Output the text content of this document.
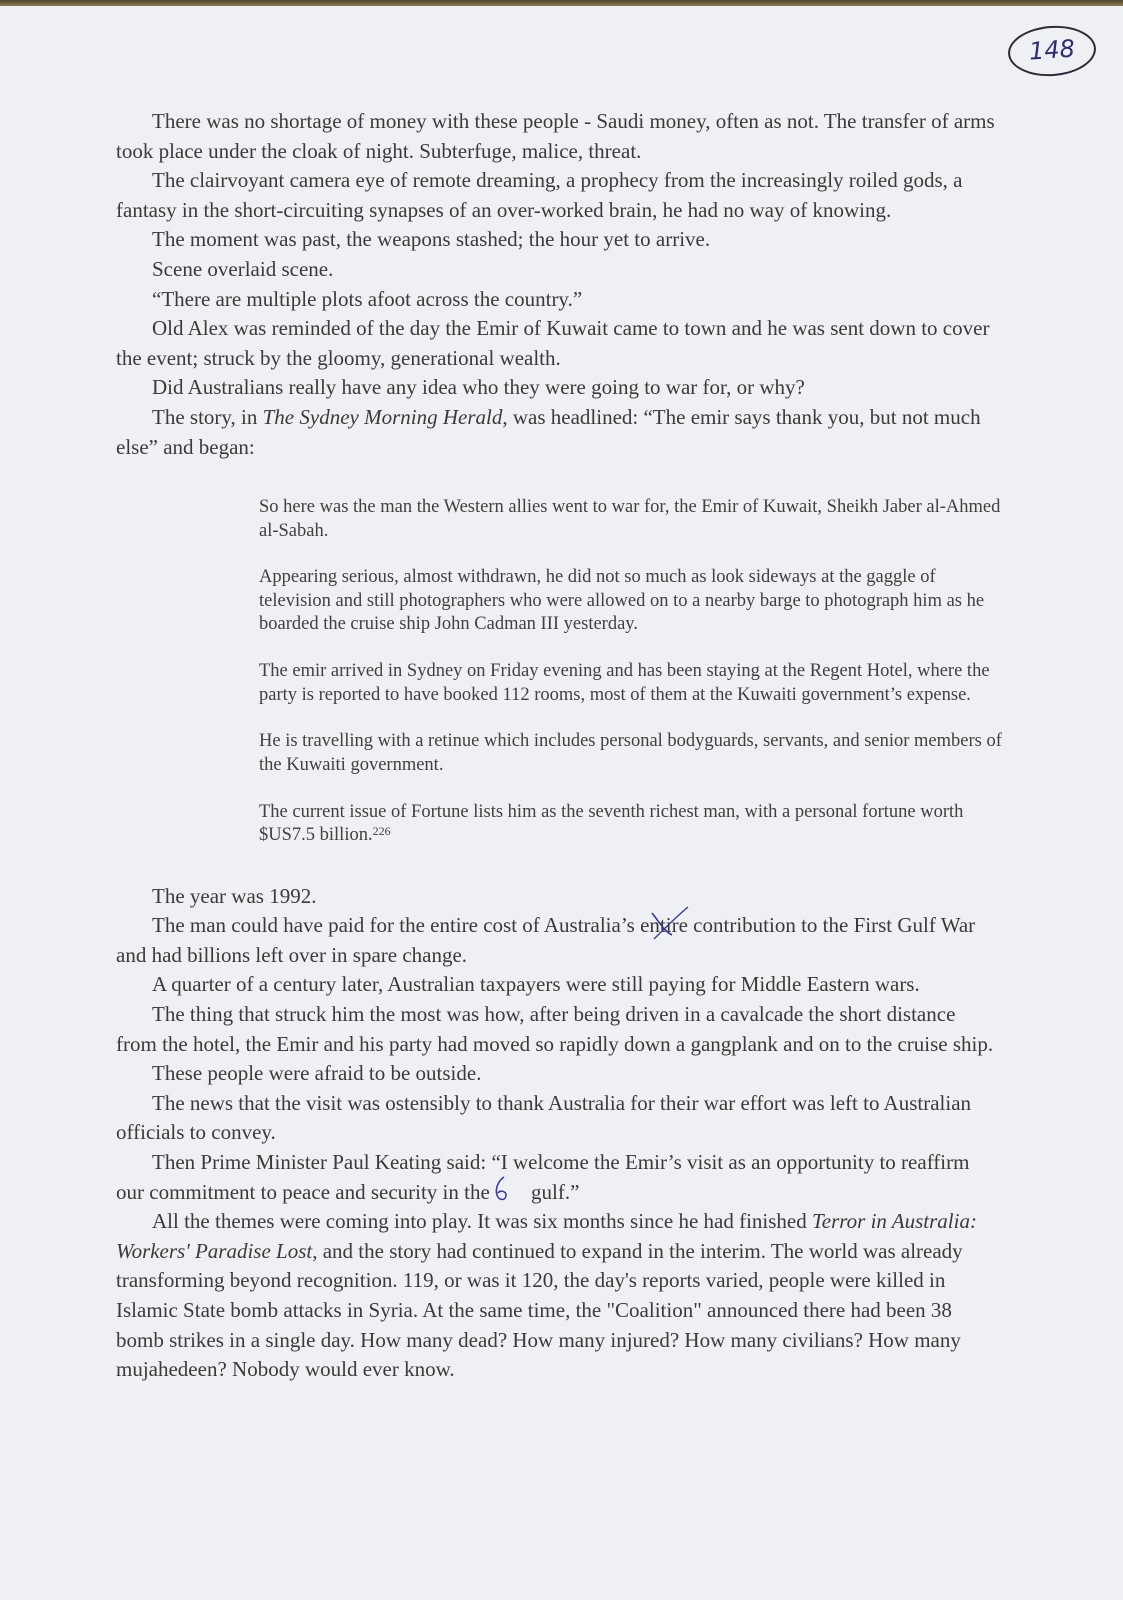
148

There was no shortage of money with these people - Saudi money, often as not. The transfer of arms took place under the cloak of night. Subterfuge, malice, threat.

The clairvoyant camera eye of remote dreaming, a prophecy from the increasingly roiled gods, a fantasy in the short-circuiting synapses of an over-worked brain, he had no way of knowing.

The moment was past, the weapons stashed; the hour yet to arrive.

Scene overlaid scene.

“There are multiple plots afoot across the country.”

Old Alex was reminded of the day the Emir of Kuwait came to town and he was sent down to cover the event; struck by the gloomy, generational wealth.

Did Australians really have any idea who they were going to war for, or why?

The story, in The Sydney Morning Herald, was headlined: “The emir says thank you, but not much else” and began:

So here was the man the Western allies went to war for, the Emir of Kuwait, Sheikh Jaber al-Ahmed al-Sabah.

Appearing serious, almost withdrawn, he did not so much as look sideways at the gaggle of television and still photographers who were allowed on to a nearby barge to photograph him as he boarded the cruise ship John Cadman III yesterday.

The emir arrived in Sydney on Friday evening and has been staying at the Regent Hotel, where the party is reported to have booked 112 rooms, most of them at the Kuwaiti government’s expense.

He is travelling with a retinue which includes personal bodyguards, servants, and senior members of the Kuwaiti government.

The current issue of Fortune lists him as the seventh richest man, with a personal fortune worth $US7.5 billion.$^{226}$

The year was 1992.

The man could have paid for the entire cost of Australia’s entire
contribution to the First Gulf War and had billions left over in spare change.

A quarter of a century later, Australian taxpayers were still paying for Middle Eastern wars.

The thing that struck him the most was how, after being driven in a cavalcade the short distance from the hotel, the Emir and his party had moved so rapidly down a gangplank and on to the cruise ship.

These people were afraid to be outside.

The news that the visit was ostensibly to thank Australia for their war effort was left to Australian officials to convey.

Then Prime Minister Paul Keating said: “I welcome the Emir’s visit as an opportunity to reaffirm our commitment to peace and security in the g
ulf.”

All the themes were coming into play. It was six months since he had finished Terror in Australia: Workers' Paradise Lost, and the story had continued to expand in the interim. The world was already transforming beyond recognition. 119, or was it 120, the day's reports varied, people were killed in Islamic State bomb attacks in Syria. At the same time, the "Coalition" announced there had been 38 bomb strikes in a single day. How many dead? How many injured? How many civilians? How many mujahedeen? Nobody would ever know.
